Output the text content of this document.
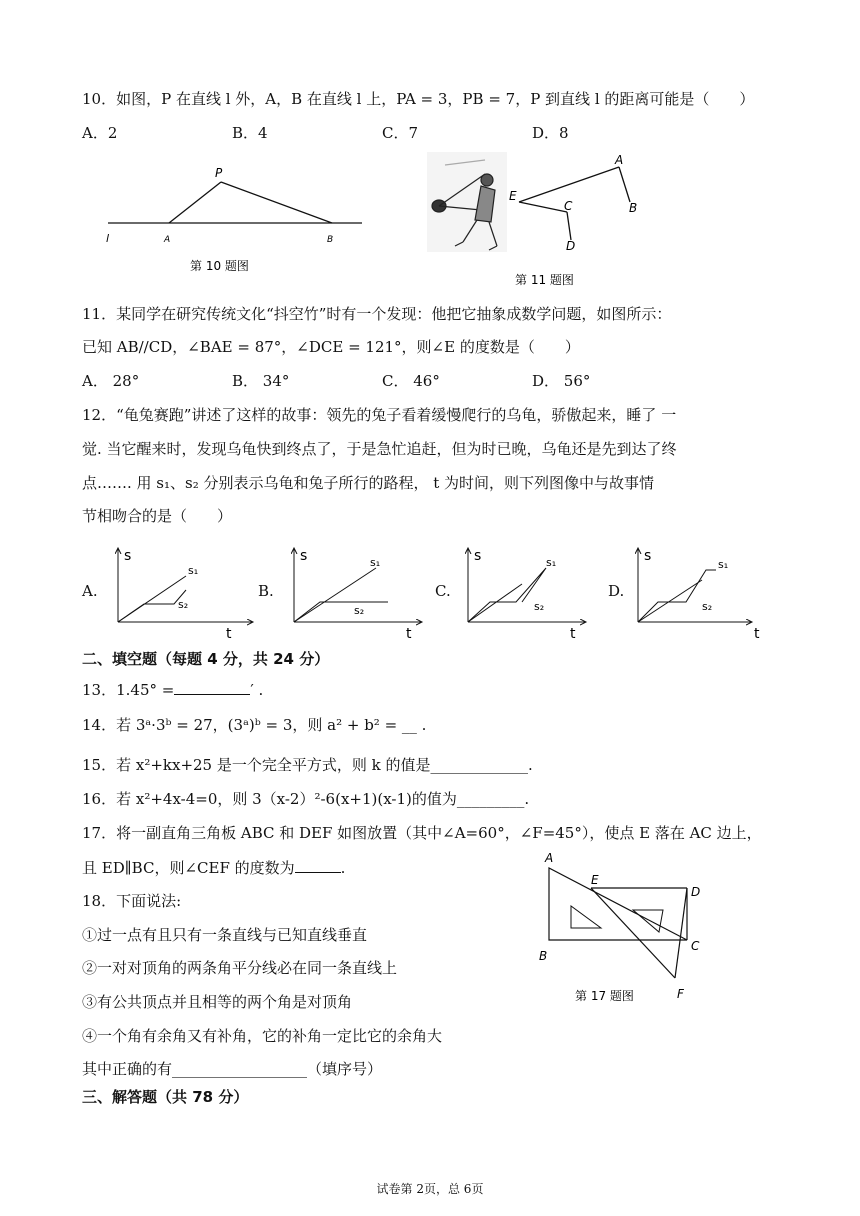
10．如图，P 在直线 l 外，A，B 在直线 l 上，PA = 3，PB = 7，P 到直线 l 的距离可能是（　　）
A．2	B．4	C．7	D．8
P
l	A	B
第 10 题图
A
B
C
D
E
第 11 题图
11．某同学在研究传统文化“抖空竹”时有一个发现：他把它抽象成数学问题，如图所示：
已知 AB//CD，∠BAE = 87°，∠DCE = 121°，则∠E 的度数是（　　）
A． 28°	B． 34°	C． 46°	D． 56°
12．“龟兔赛跑”讲述了这样的故事：领先的兔子看着缓慢爬行的乌龟，骄傲起来，睡了 一
觉. 当它醒来时，发现乌龟快到终点了，于是急忙追赶，但为时已晚，乌龟还是先到达了终
点……. 用 s₁、s₂ 分别表示乌龟和兔子所行的路程， t 为时间，则下列图像中与故事情
节相吻合的是（　　）
A.
s
t
s₁
s₂
B.
s
t
s₁
s₂
C.
s
t
s₁
s₂
D.
s
t
s₁
s₂
二、填空题（每题 4 分，共 24 分）
13．1.45° =	′ .
14．若 3ᵃ·3ᵇ = 27，(3ᵃ)ᵇ = 3，则 a² + b² = __ .
15．若 x²+kx+25 是一个完全平方式，则 k 的值是_____________.
16．若 x²+4x-4=0，则 3（x-2）²-6(x+1)(x-1)的值为_________.
17．将一副直角三角板 ABC 和 DEF 如图放置（其中∠A=60°，∠F=45°），使点 E 落在 AC 边上，
且 ED∥BC，则∠CEF 的度数为	.
A
B
C
D
E
F
第 17 题图
18．下面说法:
①过一点有且只有一条直线与已知直线垂直
②一对对顶角的两条角平分线必在同一条直线上
③有公共顶点并且相等的两个角是对顶角
④一个角有余角又有补角，它的补角一定比它的余角大
其中正确的有__________________（填序号）
三、解答题（共 78 分）
试卷第 2页，总 6页
